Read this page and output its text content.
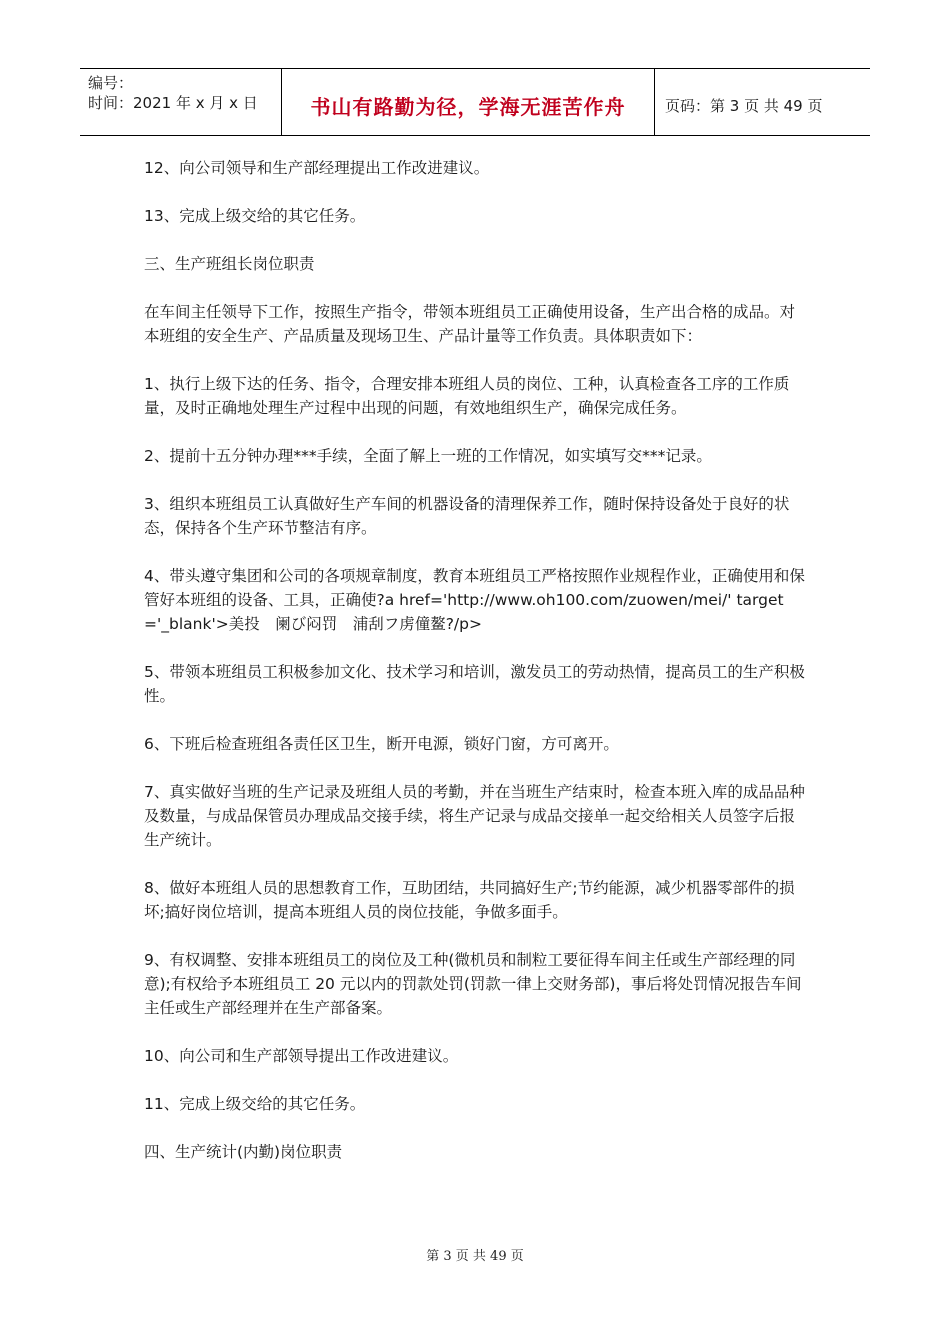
编号：
时间：2021 年 x 月 x 日	书山有路勤为径，学海无涯苦作舟	页码：第 3 页 共 49 页

12、向公司领导和生产部经理提出工作改进建议。

13、完成上级交给的其它任务。

三、生产班组长岗位职责

在车间主任领导下工作，按照生产指令，带领本班组员工正确使用设备，生产出合格的成品。对本班组的安全生产、产品质量及现场卫生、产品计量等工作负责。具体职责如下：

1、执行上级下达的任务、指令，合理安排本班组人员的岗位、工种，认真检查各工序的工作质量，及时正确地处理生产过程中出现的问题，有效地组织生产，确保完成任务。

2、提前十五分钟办理***手续，全面了解上一班的工作情况，如实填写交***记录。

3、组织本班组员工认真做好生产车间的机器设备的清理保养工作，随时保持设备处于良好的状态，保持各个生产环节整洁有序。

4、带头遵守集团和公司的各项规章制度，教育本班组员工严格按照作业规程作业，正确使用和保管好本班组的设备、工具，正确使?a href='http://www.oh100.com/zuowen/mei/' target='_blank'>美投　阑び闷罚　浦刮フ虏僮鳌?/p>

5、带领本班组员工积极参加文化、技术学习和培训，激发员工的劳动热情，提高员工的生产积极性。

6、下班后检查班组各责任区卫生，断开电源，锁好门窗，方可离开。

7、真实做好当班的生产记录及班组人员的考勤，并在当班生产结束时，检查本班入库的成品品种及数量，与成品保管员办理成品交接手续，将生产记录与成品交接单一起交给相关人员签字后报生产统计。

8、做好本班组人员的思想教育工作，互助团结，共同搞好生产;节约能源，减少机器零部件的损坏;搞好岗位培训，提高本班组人员的岗位技能，争做多面手。

9、有权调整、安排本班组员工的岗位及工种(微机员和制粒工要征得车间主任或生产部经理的同意);有权给予本班组员工 20 元以内的罚款处罚(罚款一律上交财务部)，事后将处罚情况报告车间主任或生产部经理并在生产部备案。

10、向公司和生产部领导提出工作改进建议。

11、完成上级交给的其它任务。

四、生产统计(内勤)岗位职责

第 3 页 共 49 页
